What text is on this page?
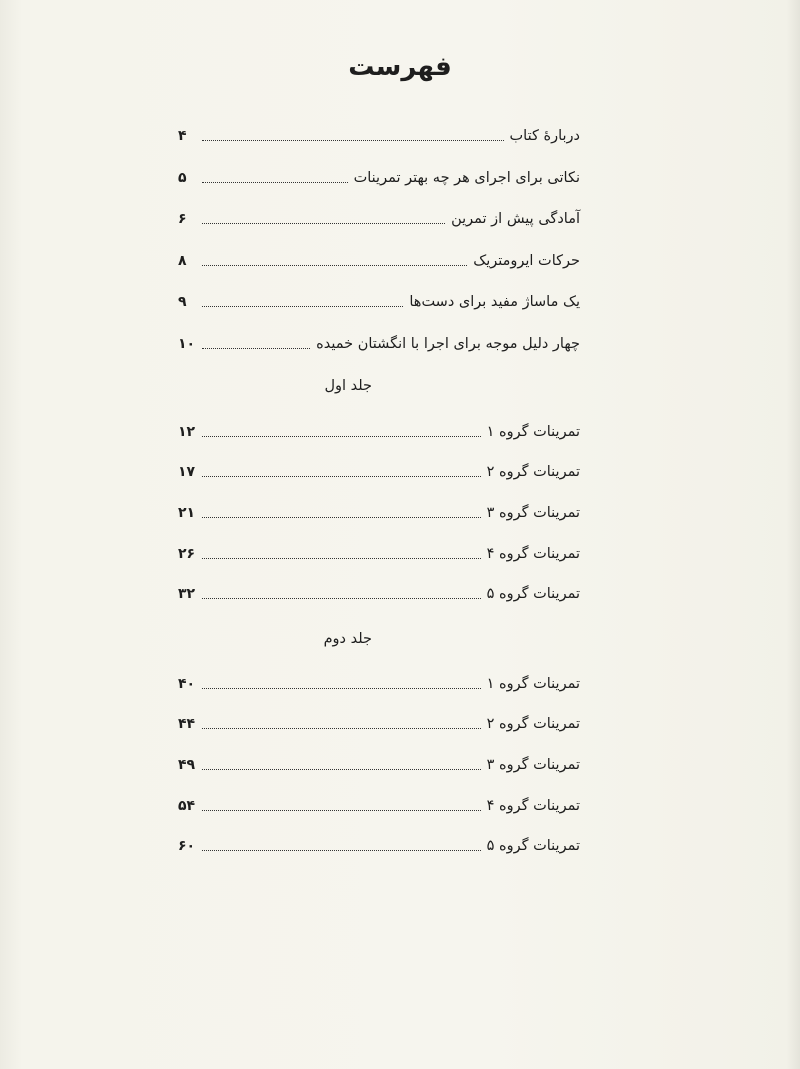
فهرست
دربارهٔ کتاب
۴
نکاتی برای اجرای هر چه بهتر تمرینات
۵
آمادگی پیش از تمرین
۶
حرکات ایرومتریک
۸
یک ماساژ مفید برای دست‌ها
۹
چهار دلیل موجه برای اجرا با انگشتان خمیده
۱۰
جلد اول
تمرینات گروه ۱
۱۲
تمرینات گروه ۲
۱۷
تمرینات گروه ۳
۲۱
تمرینات گروه ۴
۲۶
تمرینات گروه ۵
۳۲
جلد دوم
تمرینات گروه ۱
۴۰
تمرینات گروه ۲
۴۴
تمرینات گروه ۳
۴۹
تمرینات گروه ۴
۵۴
تمرینات گروه ۵
۶۰
